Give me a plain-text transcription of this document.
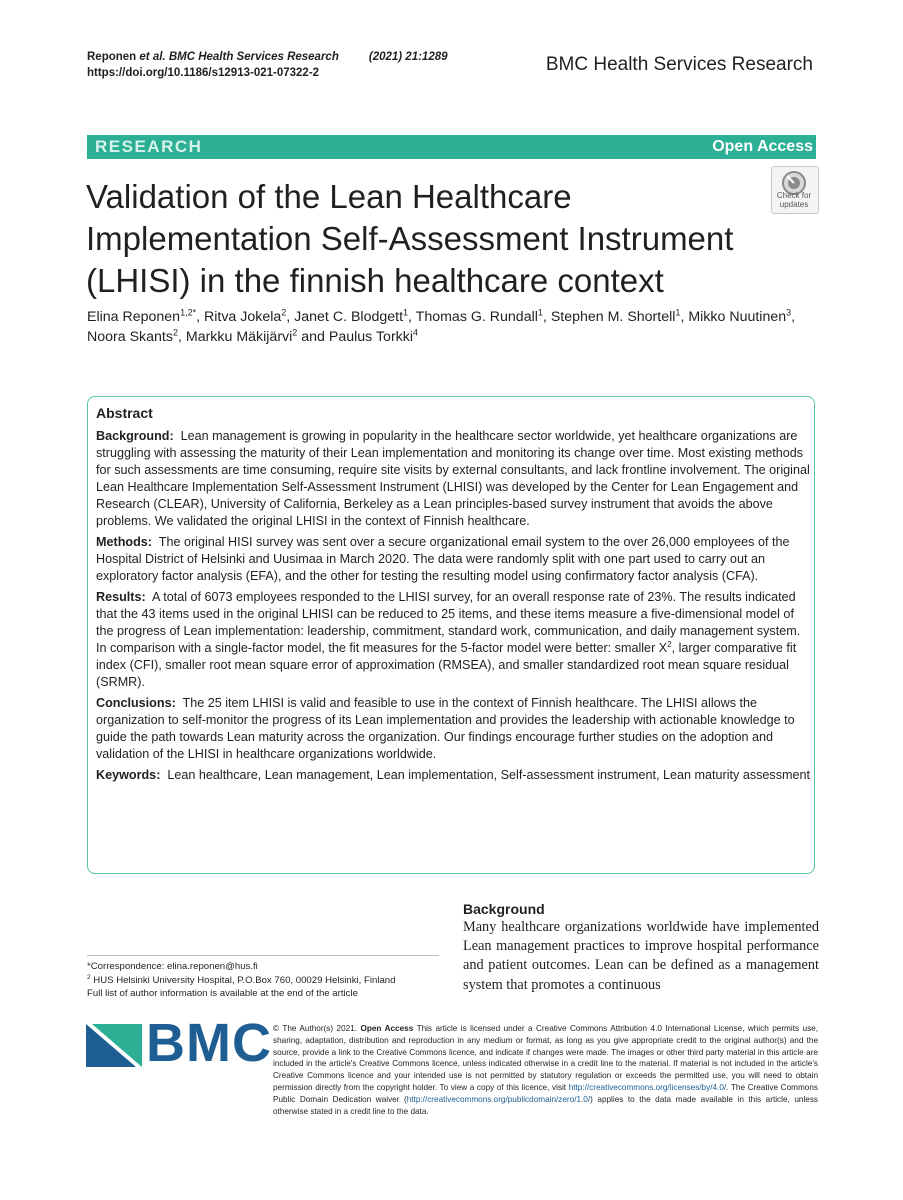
Reponen et al. BMC Health Services Research	(2021) 21:1289
https://doi.org/10.1186/s12913-021-07322-2	BMC Health Services Research
RESEARCH	Open Access
Check for
updates
Validation of the Lean Healthcare Implementation Self-Assessment Instrument (LHISI) in the finnish healthcare context
Elina Reponen$^{1,2*}$, Ritva Jokela$^2$, Janet C. Blodgett$^1$, Thomas G. Rundall$^1$, Stephen M. Shortell$^1$, Mikko Nuutinen$^3$,
Noora Skants$^2$, Markku Mäkijärvi$^2$ and Paulus Torkki$^4$
Abstract

Background: Lean management is growing in popularity in the healthcare sector worldwide, yet healthcare organizations are struggling with assessing the maturity of their Lean implementation and monitoring its change over time. Most existing methods for such assessments are time consuming, require site visits by external consultants, and lack frontline involvement. The original Lean Healthcare Implementation Self-Assessment Instrument (LHISI) was developed by the Center for Lean Engagement and Research (CLEAR), University of California, Berkeley as a Lean principles-based survey instrument that avoids the above problems. We validated the original LHISI in the context of Finnish healthcare.

Methods: The original HISI survey was sent over a secure organizational email system to the over 26,000 employees of the Hospital District of Helsinki and Uusimaa in March 2020. The data were randomly split with one part used to carry out an exploratory factor analysis (EFA), and the other for testing the resulting model using confirmatory factor analysis (CFA).

Results: A total of 6073 employees responded to the LHISI survey, for an overall response rate of 23%. The results indicated that the 43 items used in the original LHISI can be reduced to 25 items, and these items measure a five-dimensional model of the progress of Lean implementation: leadership, commitment, standard work, communication, and daily management system. In comparison with a single-factor model, the fit measures for the 5-factor model were better: smaller $X^2$, larger comparative fit index (CFI), smaller root mean square error of approximation (RMSEA), and smaller standardized root mean square residual (SRMR).

Conclusions: The 25 item LHISI is valid and feasible to use in the context of Finnish healthcare. The LHISI allows the organization to self-monitor the progress of its Lean implementation and provides the leadership with actionable knowledge to guide the path towards Lean maturity across the organization. Our findings encourage further studies on the adoption and validation of the LHISI in healthcare organizations worldwide.

Keywords: Lean healthcare, Lean management, Lean implementation, Self-assessment instrument, Lean maturity assessment

*Correspondence: elina.reponen@hus.fi
$^2$ HUS Helsinki University Hospital, P.O.Box 760, 00029 Helsinki, Finland
Full list of author information is available at the end of the article
Background
Many healthcare organizations worldwide have implemented Lean management practices to improve hospital performance and patient outcomes. Lean can be defined as a management system that promotes a continuous
BMC © The Author(s) 2021. Open Access This article is licensed under a Creative Commons Attribution 4.0 International License, which permits use, sharing, adaptation, distribution and reproduction in any medium or format, as long as you give appropriate credit to the original author(s) and the source, provide a link to the Creative Commons licence, and indicate if changes were made. The images or other third party material in this article are included in the article's Creative Commons licence, unless indicated otherwise in a credit line to the material. If material is not included in the article's Creative Commons licence and your intended use is not permitted by statutory regulation or exceeds the permitted use, you will need to obtain permission directly from the copyright holder. To view a copy of this licence, visit http://creativecommons.org/licenses/by/4.0/. The Creative Commons Public Domain Dedication waiver (http://creativecommons.org/publicdomain/zero/1.0/) applies to the data made available in this article, unless otherwise stated in a credit line to the data.
